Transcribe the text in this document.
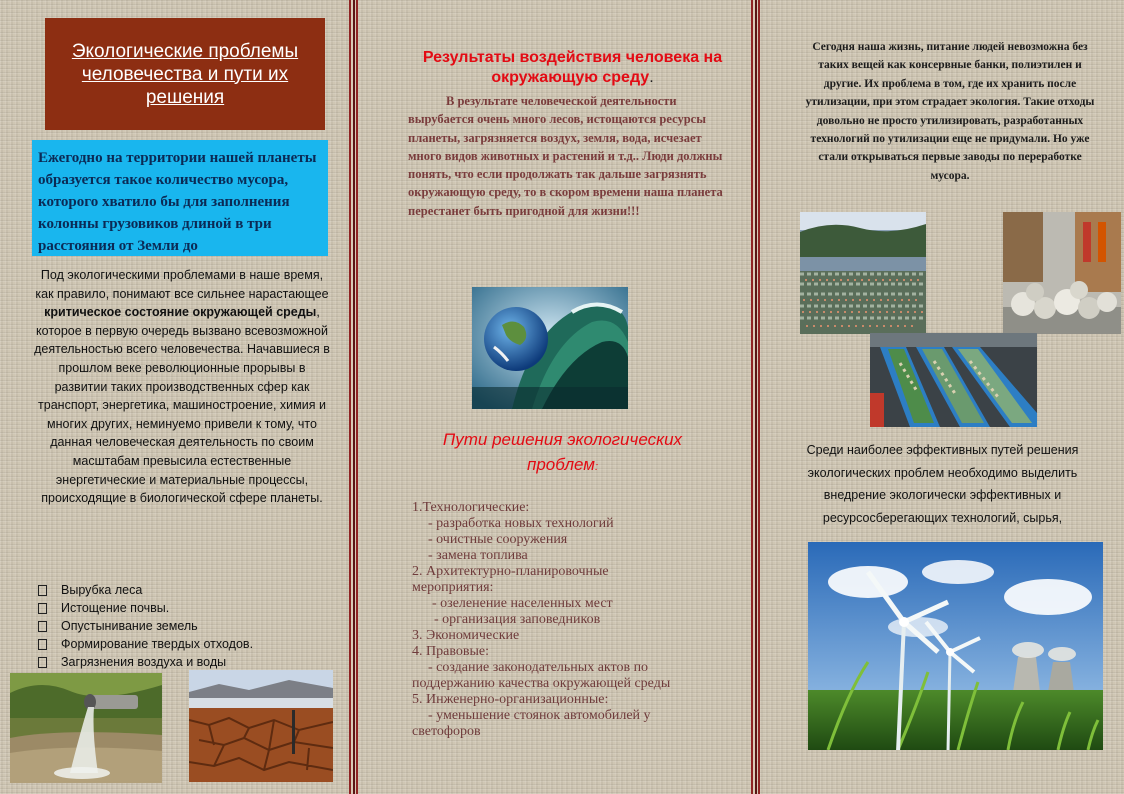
Экологические проблемы человечества и пути их решения
Ежегодно на территории нашей планеты образуется такое количество мусора, которого хватило бы для заполнения колонны грузовиков длиной в три расстояния от Земли до
Под экологическими проблемами в наше время, как правило, понимают все сильнее нарастающее критическое состояние окружающей среды, которое в первую очередь вызвано всевозможной деятельностью всего человечества. Начавшиеся в прошлом веке революционные прорывы в развитии таких производственных сфер как транспорт, энергетика, машиностроение, химия и многих других, неминуемо привели к тому, что данная человеческая деятельность по своим масштабам превысила естественные энергетические и материальные процессы, происходящие в биологической сфере планеты.
Вырубка леса
Истощение почвы.
Опустынивание земель
Формирование твердых отходов.
Загрязнения воздуха и воды
Результаты воздействия человека на окружающую среду.
В результате человеческой деятельности вырубается очень много лесов, истощаются ресурсы планеты, загрязняется воздух, земля, вода, исчезает много видов животных и растений и т.д.. Люди должны понять, что если продолжать так дальше загрязнять окружающую среду, то в скором времени наша планета перестанет быть пригодной для жизни!!!
Пути решения экологических проблем:
1.Технологические:
- разработка новых технологий
- очистные сооружения
- замена топлива
2. Архитектурно-планировочные
мероприятия:
- озеленение населенных мест
- организация заповедников
3. Экономические
4. Правовые:
- создание законодательных актов по
поддержанию качества окружающей среды
5. Инженерно-организационные:
- уменьшение стоянок автомобилей у
светофоров
Сегодня наша жизнь, питание людей невозможна без таких вещей как консервные банки, полиэтилен и другие. Их проблема в том, где их хранить после утилизации, при этом страдает экология. Такие отходы довольно не просто утилизировать, разработанных технологий по утилизации еще не придумали. Но уже стали открываться первые заводы по переработке мусора.
Среди наиболее эффективных путей решения экологических проблем необходимо выделить внедрение экологически эффективных и ресурсосберегающих технологий, сырья,
